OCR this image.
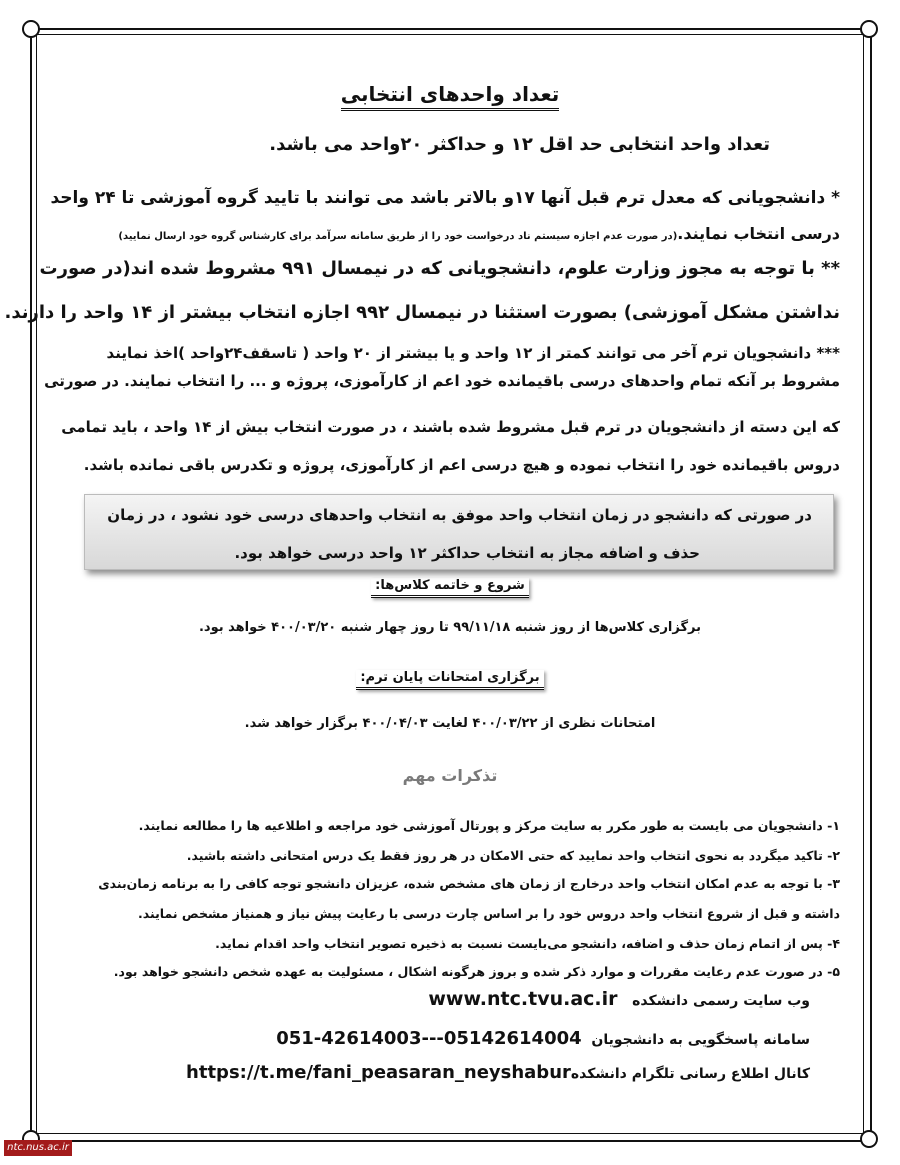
تعداد واحدهای انتخابی
تعداد واحد انتخابی حد اقل ۱۲ و حداکثر ۲۰واحد می باشد.
* دانشجویانی که معدل ترم قبل آنها ۱۷و بالاتر باشد می توانند با تایید گروه آموزشی تا ۲۴ واحد
درسی انتخاب نمایند.(در صورت عدم اجازه سیستم ناد درخواست خود را از طریق سامانه سرآمد برای کارشناس گروه خود ارسال نمایید)
** با توجه به مجوز وزارت علوم، دانشجویانی که در نیمسال ۹۹۱ مشروط شده اند(در صورت
نداشتن مشکل آموزشی) بصورت استثنا در نیمسال ۹۹۲ اجازه انتخاب بیشتر از ۱۴ واحد را دارند.
*** دانشجویان ترم آخر می توانند کمتر از ۱۲ واحد و یا بیشتر از ۲۰ واحد ( تاسقف۲۴واحد )اخذ نمایند
مشروط بر آنکه تمام واحدهای درسی باقیمانده خود اعم از کارآموزی، پروژه و ... را انتخاب نمایند. در صورتی
که این دسته از دانشجویان در ترم قبل مشروط شده باشند ، در صورت انتخاب بیش از ۱۴ واحد ، باید تمامی
دروس باقیمانده خود را انتخاب نموده و هیچ درسی اعم از کارآموزی، پروژه و تکدرس باقی نمانده باشد.
در صورتی که دانشجو در زمان انتخاب واحد موفق به انتخاب واحدهای درسی خود نشود ، در زمان
حذف و اضافه مجاز به انتخاب حداکثر ۱۲ واحد درسی خواهد بود.
شروع و خاتمه کلاس‌ها:
برگزاری کلاس‌ها از روز شنبه ۹۹/۱۱/۱۸ تا روز چهار شنبه ۴۰۰/۰۳/۲۰ خواهد بود.
برگزاری امتحانات پایان ترم:
امتحانات نظری از ۴۰۰/۰۳/۲۲ لغایت ۴۰۰/۰۴/۰۳ برگزار خواهد شد.
تذکرات مهم
۱- دانشجویان می بایست به طور مکرر به سایت مرکز و پورتال آموزشی خود مراجعه و اطلاعیه ها را مطالعه نمایند.
۲- تاکید میگردد به نحوی انتخاب واحد نمایید که حتی الامکان در هر روز فقط یک درس امتحانی داشته باشید.
۳- با توجه به عدم امکان انتخاب واحد درخارج از زمان های مشخص شده، عزیزان دانشجو توجه کافی را به برنامه زمان‌بندی
داشته و قبل از شروع انتخاب واحد دروس خود را بر اساس چارت درسی با رعایت پیش نیاز و همنیاز مشخص نمایند.
۴- پس از اتمام زمان حذف و اضافه، دانشجو می‌بایست نسبت به ذخیره تصویر انتخاب واحد اقدام نماید.
۵- در صورت عدم رعایت مقررات و موارد ذکر شده و بروز هرگونه اشکال ، مسئولیت به عهده شخص دانشجو خواهد بود.
وب سایت رسمی دانشکده   www.ntc.tvu.ac.ir
سامانه پاسخگویی به دانشجویان  051-42614003---05142614004
کانال اطلاع رسانی تلگرام دانشکدهhttps://t.me/fani_peasaran_neyshabur
ntc.nus.ac.ir
